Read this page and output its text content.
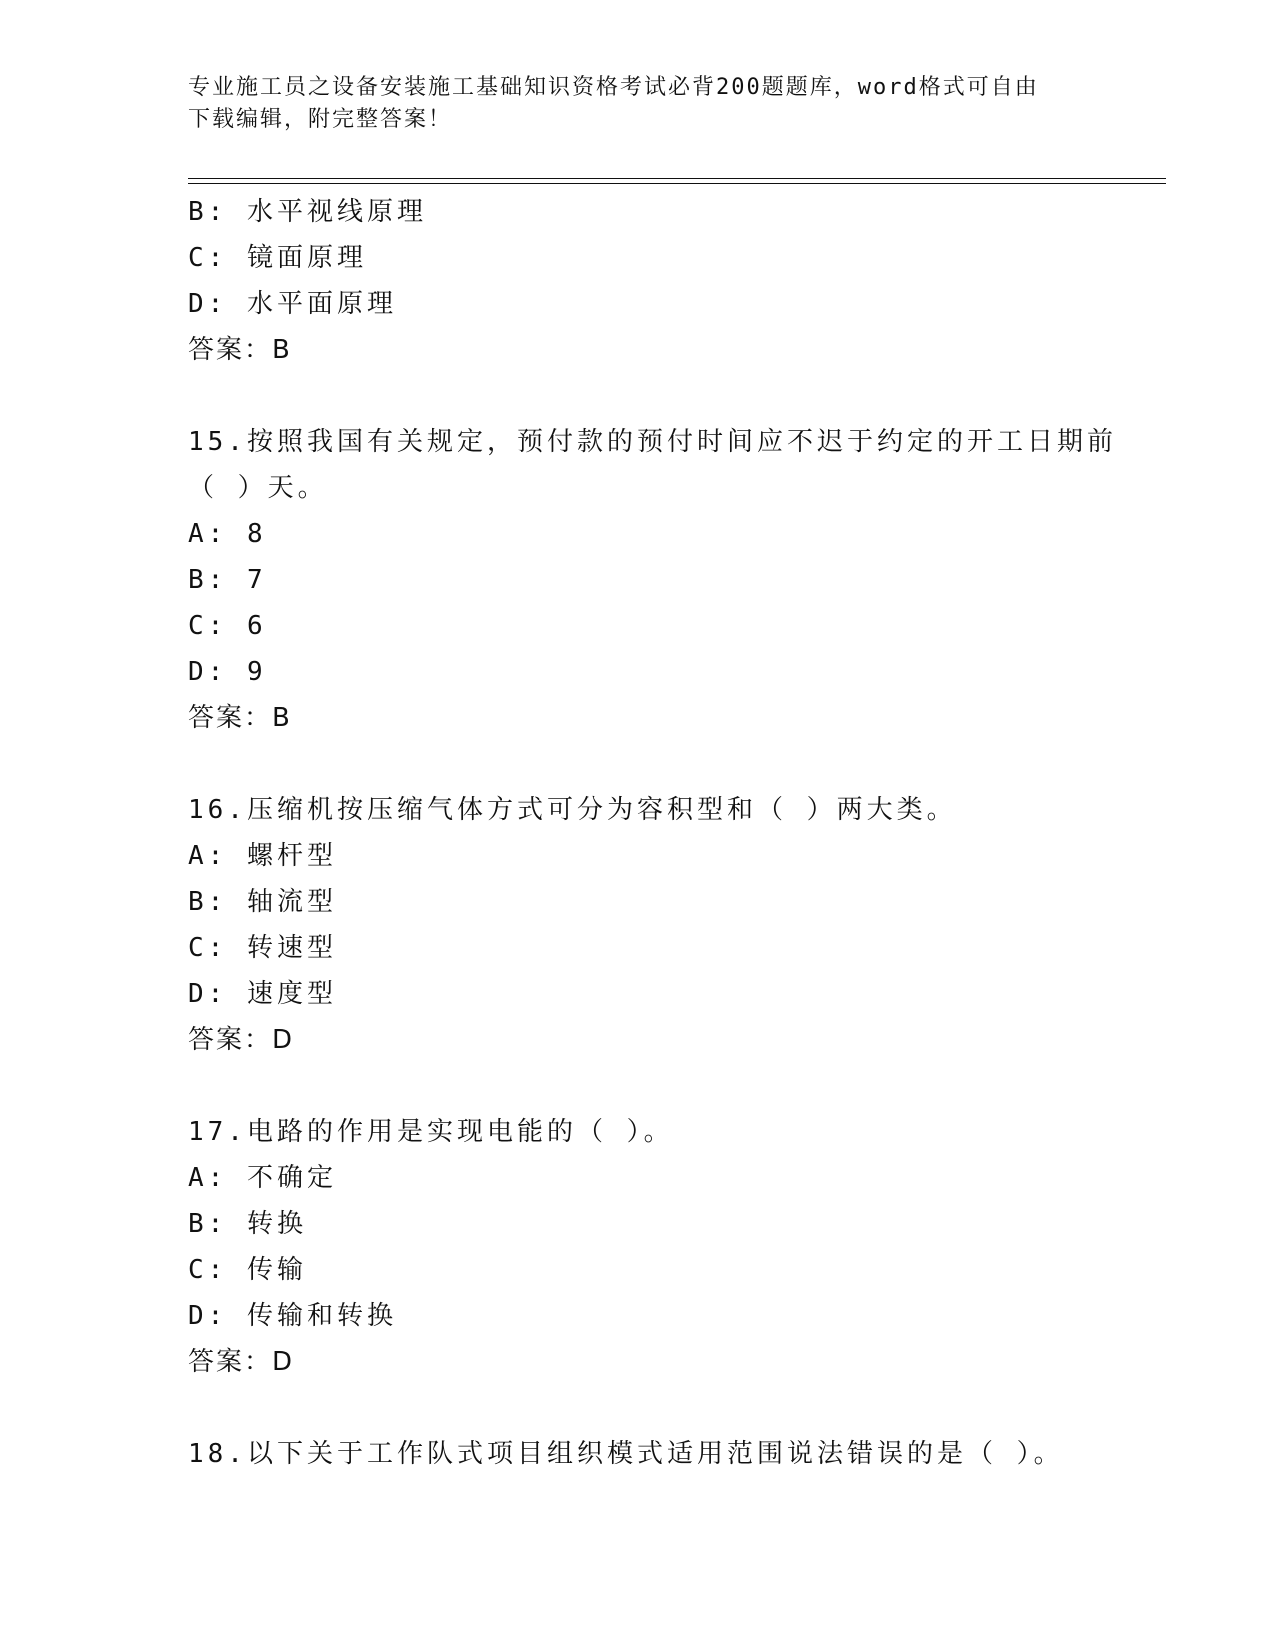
专业施工员之设备安装施工基础知识资格考试必背200题题库，word格式可自由
下载编辑，附完整答案！
B: 水平视线原理
C: 镜面原理
D: 水平面原理
答案：B
15.按照我国有关规定，预付款的预付时间应不迟于约定的开工日期前
（ ）天。
A: 8
B: 7
C: 6
D: 9
答案：B
16.压缩机按压缩气体方式可分为容积型和（ ）两大类。
A: 螺杆型
B: 轴流型
C: 转速型
D: 速度型
答案：D
17.电路的作用是实现电能的（ ）。
A: 不确定
B: 转换
C: 传输
D: 传输和转换
答案：D
18.以下关于工作队式项目组织模式适用范围说法错误的是（ ）。
